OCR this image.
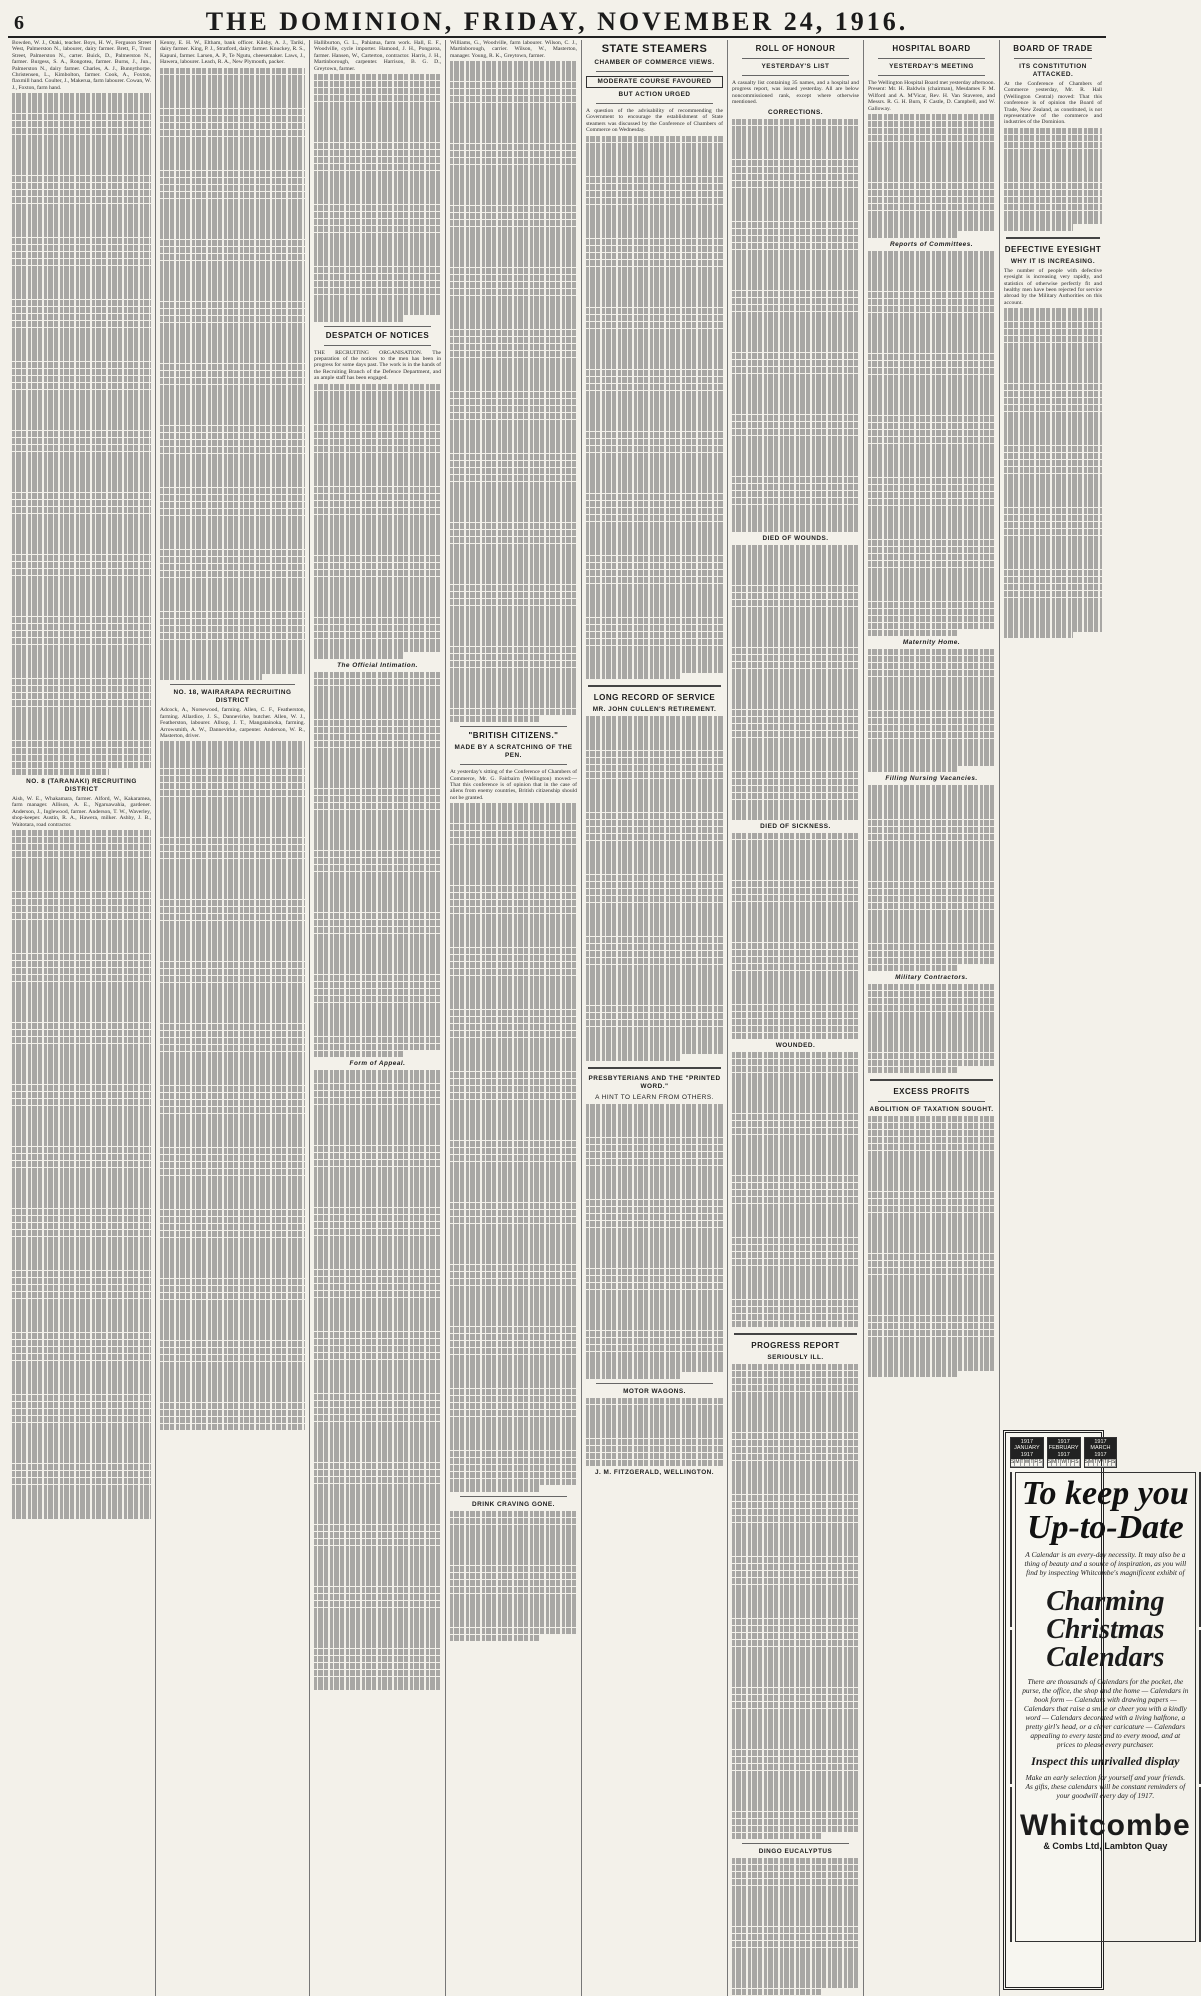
6	THE DOMINION, FRIDAY, NOVEMBER 24, 1916.

Bowden, W. J., Otaki, teacher. Boys, H. W., Ferguson Street West, Palmerston N., labourer, dairy farmer. Brett, F., Trust Street, Palmerston N., carter. Buick, D., Palmerston N., farmer. Burgess, S. A., Rongotea, farmer. Burns, J., Jun., Palmerston N., dairy farmer. Charles, A. J., Bunnythorpe. Christensen, L., Kimbolton, farmer. Cook, A., Foxton, flaxmill hand. Coulter, J., Makerua, farm labourer. Cowan, W. J., Foxton, farm hand.

NO. 8 (TARANAKI) RECRUITING DISTRICT

Aish, W. E., Whakamara, farmer. Alford, W., Kakaramea, farm manager. Allison, A. E., Ngaruawahia, gardener. Anderson, J., Inglewood, farmer. Anderson, T. W., Waverley, shop-keeper. Austin, R. A., Hawera, milker. Ashby, J. B., Waitotara, road contractor.

Kenny, E. H. W., Eltham, bank officer. Kilsby, A. J., Tariki, dairy farmer. King, P. J., Stratford, dairy farmer. Knuckey, R. S., Kapuni, farmer. Larsen, A. P., Te Ngutu, cheesemaker. Laws, J., Hawera, labourer. Leach, R. A., New Plymouth, packer.

NO. 18, WAIRARAPA RECRUITING DISTRICT

Adcock, A., Norsewood, farming. Allen, C. F., Featherston, farming. Allardice, J. S., Dannevirke, butcher. Allen, W. J., Featherston, labourer. Allsop, J. T., Mangatainoka, farming. Arrowsmith, A. W., Dannevirke, carpenter. Anderson, W. R., Masterton, driver.

Halliburton, G. L., Pahiatua, farm work. Hall, E. F., Woodville, cycle importer. Hamond, J. H., Pongaroa, farmer. Hansen, W., Carterton, contractor. Harris, J. H., Martinborough, carpenter. Harrison, B. G. D., Greytown, farmer.

DESPATCH OF NOTICES

THE RECRUITING ORGANISATION. The preparation of the notices to the men has been in progress for some days past. The work is in the hands of the Recruiting Branch of the Defence Department, and an ample staff has been engaged.

The Official Intimation.
Form of Appeal.

Williams, G., Woodville, farm labourer. Wilson, C. J., Martinborough, carrier. Wilson, W., Masterton, manager. Young, R. K., Greytown, farmer.

"BRITISH CITIZENS."
MADE BY A SCRATCHING OF THE PEN.

At yesterday's sitting of the Conference of Chambers of Commerce, Mr. G. Fairbairn (Wellington) moved:— That this conference is of opinion that in the case of aliens from enemy countries, British citizenship should not be granted.

DRINK CRAVING GONE.
STATE STEAMERS
CHAMBER OF COMMERCE VIEWS.
MODERATE COURSE FAVOURED
BUT ACTION URGED

A question of the advisability of recommending the Government to encourage the establishment of State steamers was discussed by the Conference of Chambers of Commerce on Wednesday.

LONG RECORD OF SERVICE
MR. JOHN CULLEN'S RETIREMENT.
PRESBYTERIANS AND THE "PRINTED WORD."
A HINT TO LEARN FROM OTHERS.
MOTOR WAGONS.
J. M. FITZGERALD, WELLINGTON.
ROLL OF HONOUR
YESTERDAY'S LIST

A casualty list containing 35 names, and a hospital and progress report, was issued yesterday. All are below noncommissioned rank, except where otherwise mentioned.

CORRECTIONS.
DIED OF WOUNDS.
DIED OF SICKNESS.
WOUNDED.
PROGRESS REPORT
SERIOUSLY ILL.
DINGO EUCALYPTUS
HOSPITAL BOARD
YESTERDAY'S MEETING

The Wellington Hospital Board met yesterday afternoon. Present: Mr. H. Baldwin (chairman), Mesdames F. M. Wilford and A. M'Vicar, Rev. H. Van Staveren, and Messrs. R. G. H. Burn, F. Castle, D. Campbell, and W. Galloway.

Reports of Committees.
Maternity Home.
Filling Nursing Vacancies.
Military Contractors.
EXCESS PROFITS
ABOLITION OF TAXATION SOUGHT.
BOARD OF TRADE
ITS CONSTITUTION ATTACKED.

At the Conference of Chambers of Commerce yesterday, Mr. R. Hall (Wellington Central) moved: That this conference is of opinion the Board of Trade, New Zealand, as constituted, is not representative of the commerce and industries of the Dominion.

DEFECTIVE EYESIGHT
WHY IT IS INCREASING.

The number of people with defective eyesight is increasing very rapidly, and statistics of otherwise perfectly fit and healthy men have been rejected for service abroad by the Military Authorities on this account.

1917 JANUARY 1917
S M T W T F S
1917 FEBRUARY 1917
S M T W T F S
1917 MARCH 1917
S M T W T F S
To keep you Up-to-Date
A Calendar is an every-day necessity. It may also be a thing of beauty and a source of inspiration, as you will find by inspecting Whitcombe's magnificent exhibit of
Charming Christmas Calendars
There are thousands of Calendars for the pocket, the purse, the office, the shop and the home — Calendars in book form — Calendars with drawing papers — Calendars that raise a smile or cheer you with a kindly word — Calendars decorated with a living halftone, a pretty girl's head, or a clever caricature — Calendars appealing to every taste and to every mood, and at prices to please every purchaser.
Inspect this unrivalled display
Make an early selection for yourself and your friends. As gifts, these calendars will be constant reminders of your goodwill every day of 1917.
Whitcombe
& Combs Ltd, Lambton Quay
